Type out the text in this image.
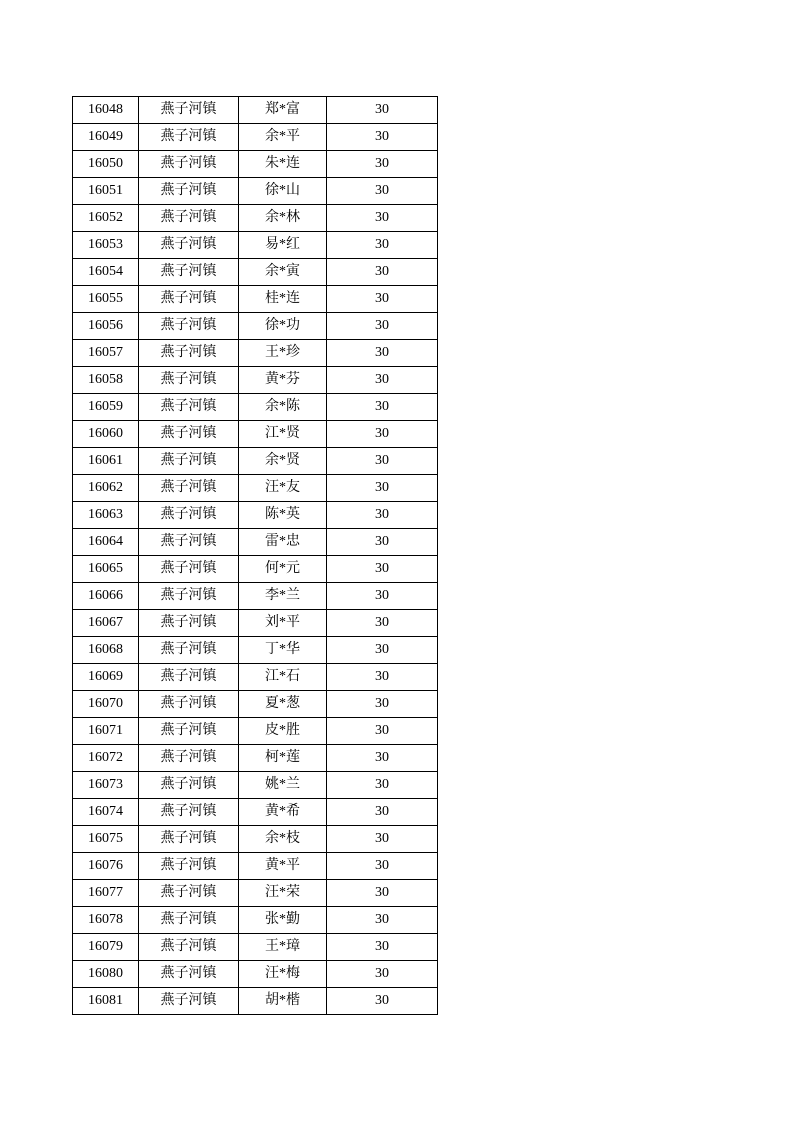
16048	燕子河镇	郑*富	30
16049	燕子河镇	余*平	30
16050	燕子河镇	朱*连	30
16051	燕子河镇	徐*山	30
16052	燕子河镇	余*林	30
16053	燕子河镇	易*红	30
16054	燕子河镇	余*寅	30
16055	燕子河镇	桂*连	30
16056	燕子河镇	徐*功	30
16057	燕子河镇	王*珍	30
16058	燕子河镇	黄*芬	30
16059	燕子河镇	余*陈	30
16060	燕子河镇	江*贤	30
16061	燕子河镇	余*贤	30
16062	燕子河镇	汪*友	30
16063	燕子河镇	陈*英	30
16064	燕子河镇	雷*忠	30
16065	燕子河镇	何*元	30
16066	燕子河镇	李*兰	30
16067	燕子河镇	刘*平	30
16068	燕子河镇	丁*华	30
16069	燕子河镇	江*石	30
16070	燕子河镇	夏*葱	30
16071	燕子河镇	皮*胜	30
16072	燕子河镇	柯*莲	30
16073	燕子河镇	姚*兰	30
16074	燕子河镇	黄*希	30
16075	燕子河镇	余*枝	30
16076	燕子河镇	黄*平	30
16077	燕子河镇	汪*荣	30
16078	燕子河镇	张*勤	30
16079	燕子河镇	王*璋	30
16080	燕子河镇	汪*梅	30
16081	燕子河镇	胡*楷	30
